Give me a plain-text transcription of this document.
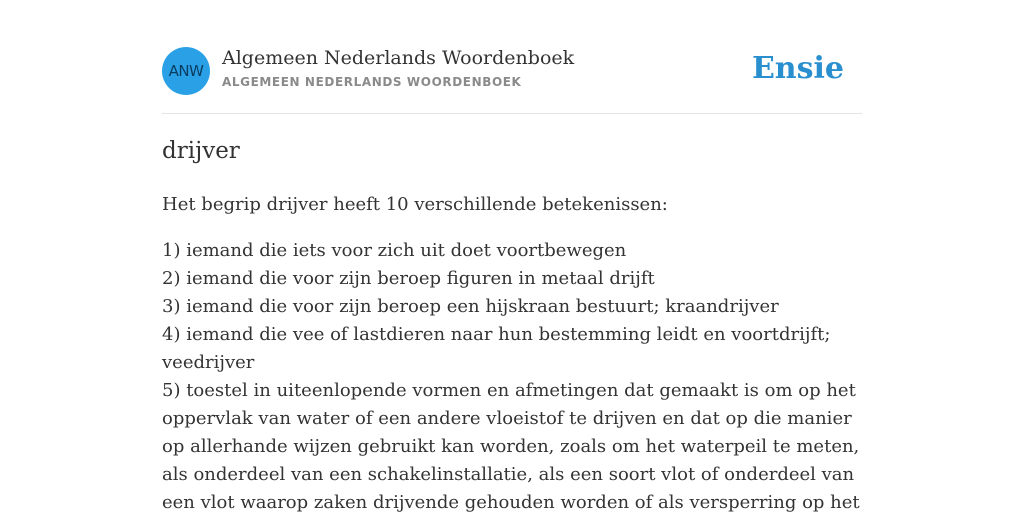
ANW
Algemeen Nederlands Woordenboek
ALGEMEEN NEDERLANDS WOORDENBOEK	Ensie
drijver

Het begrip drijver heeft 10 verschillende betekenissen:

1) iemand die iets voor zich uit doet voortbewegen
2) iemand die voor zijn beroep figuren in metaal drijft
3) iemand die voor zijn beroep een hijskraan bestuurt; kraandrijver
4) iemand die vee of lastdieren naar hun bestemming leidt en voortdrijft; veedrijver
5) toestel in uiteenlopende vormen en afmetingen dat gemaakt is om op het oppervlak van water of een andere vloeistof te drijven en dat op die manier op allerhande wijzen gebruikt kan worden, zoals om het waterpeil te meten, als onderdeel van een schakelinstallatie, als een soort vlot of onderdeel van een vlot waarop zaken drijvende gehouden worden of als versperring op het
